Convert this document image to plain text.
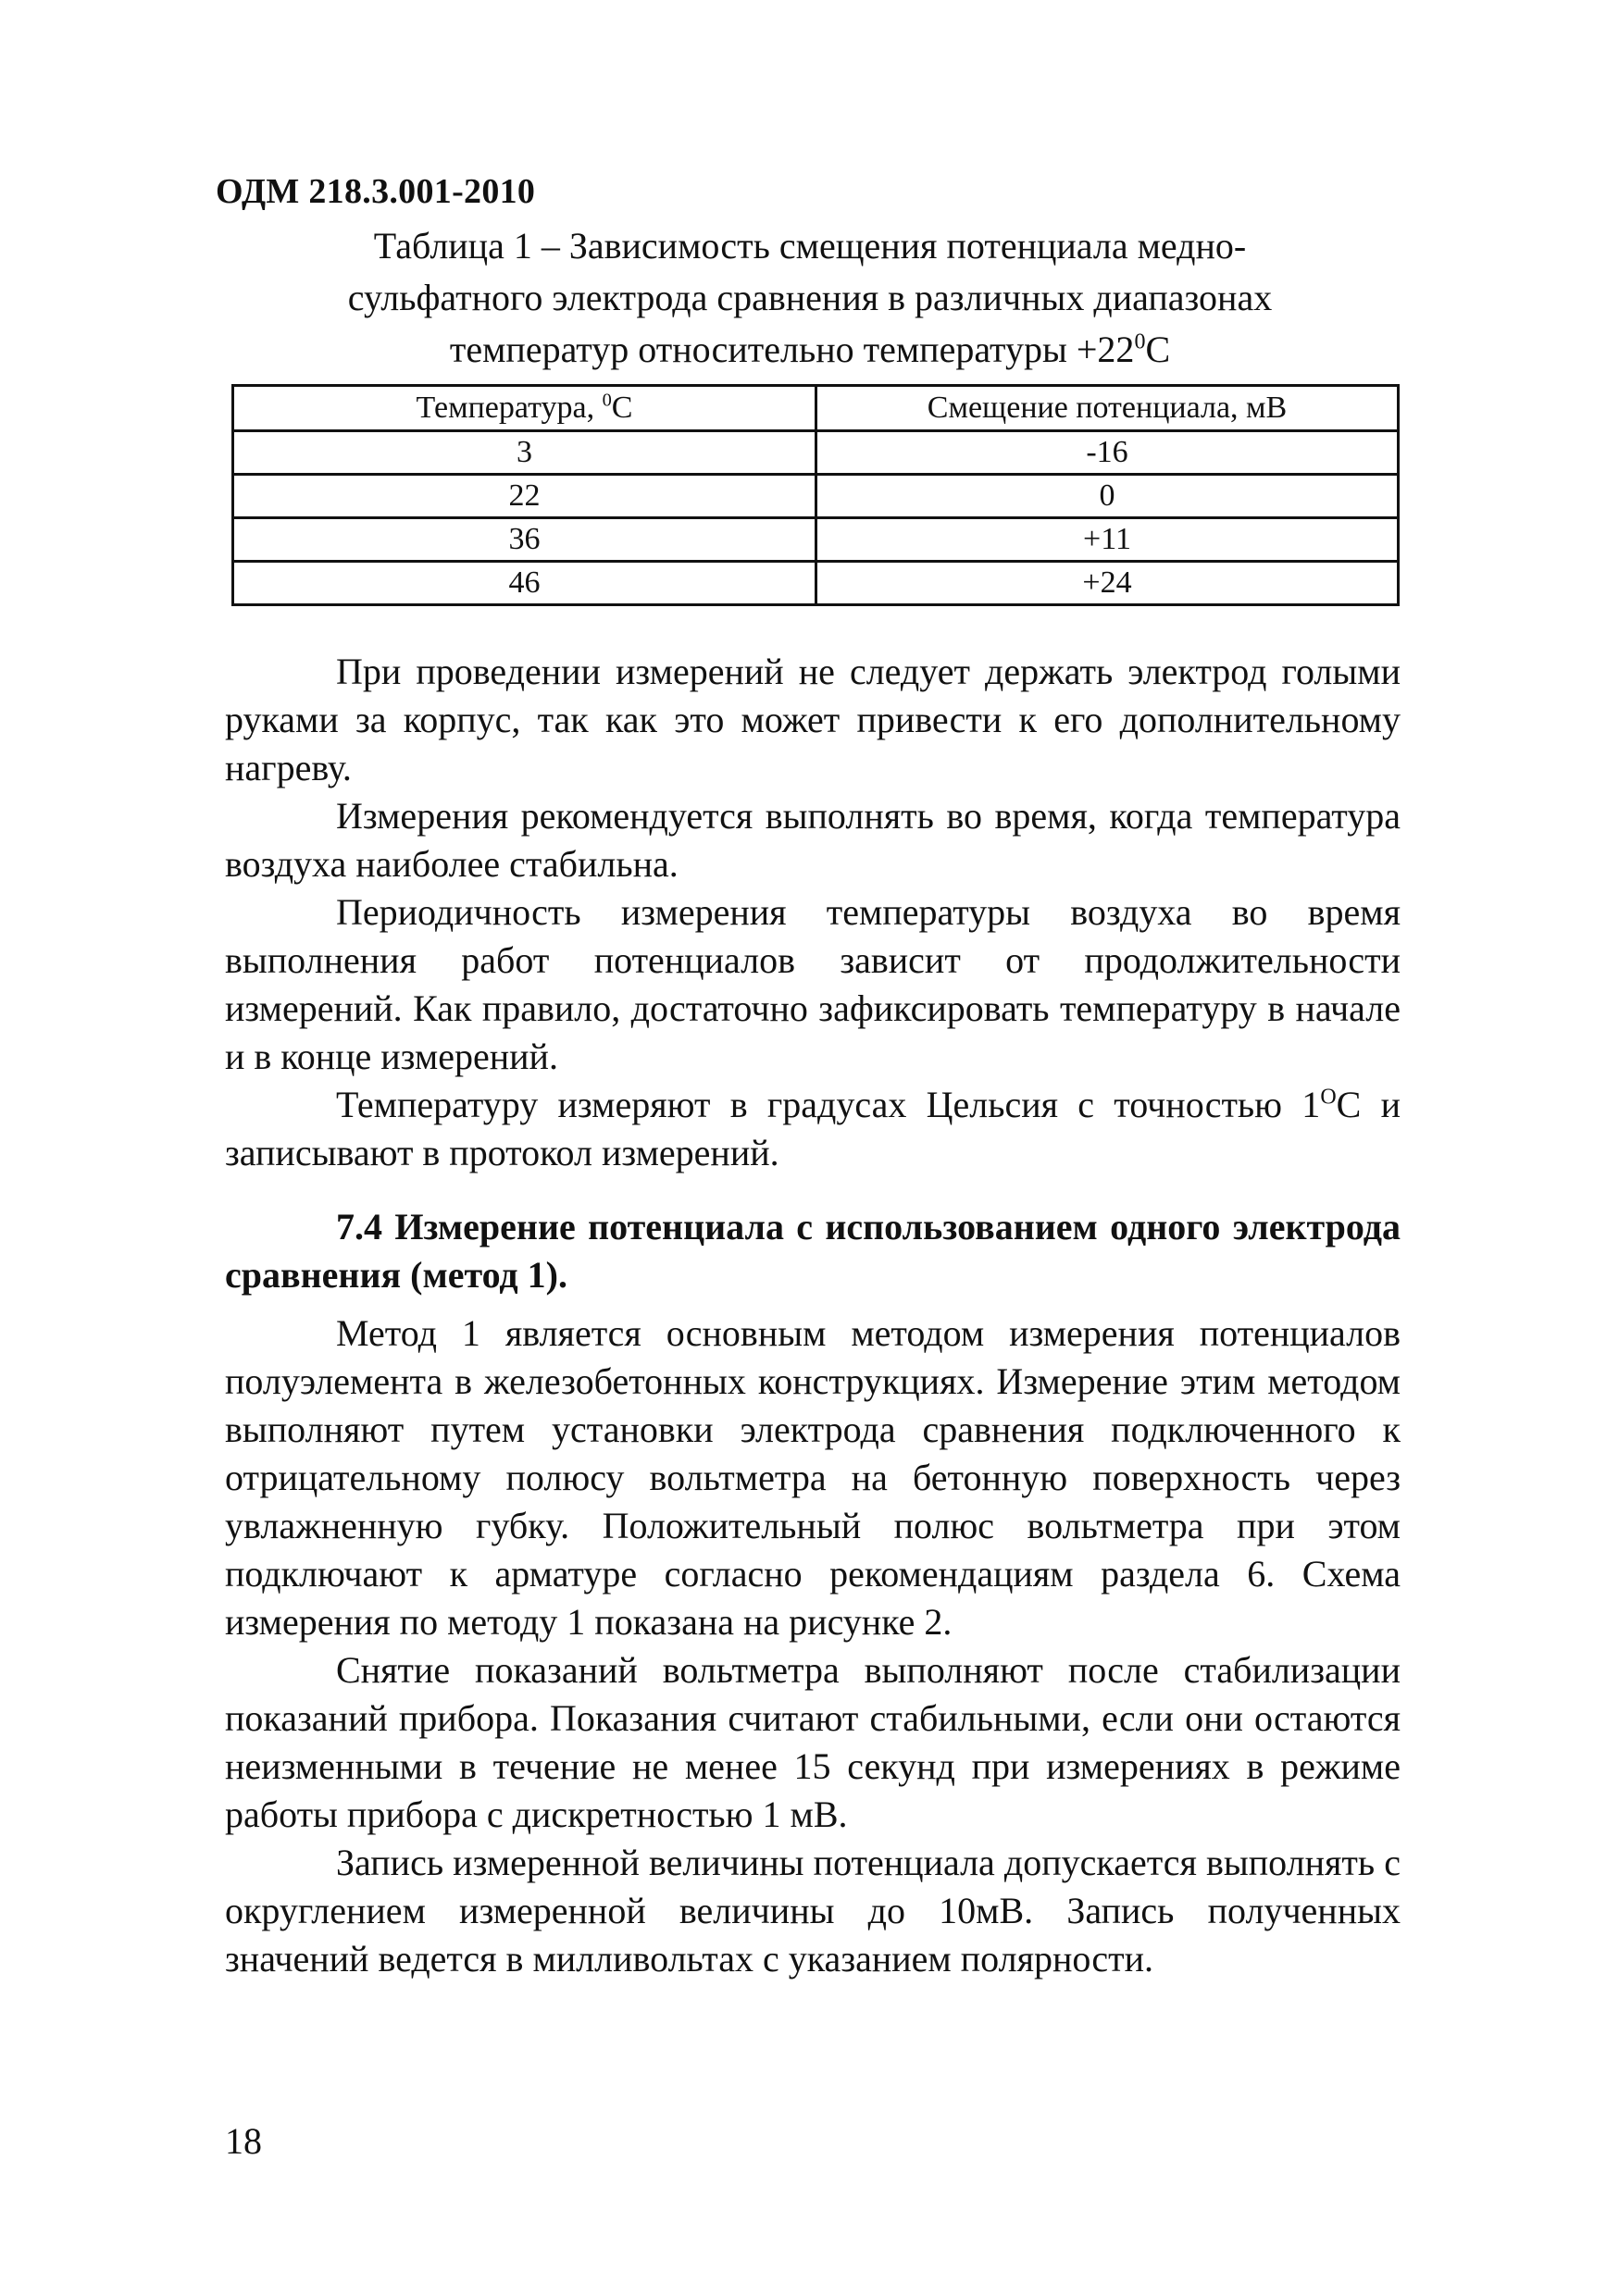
ОДМ 218.3.001-2010
Таблица 1 – Зависимость смещения потенциала медно-
сульфатного электрода сравнения в различных диапазонах
температур относительно температуры $+22^0С$
Температура, $^0$С	Смещение потенциала, мВ
3	-16
22	0
36	+11
46	+24

При проведении измерений не следует держать электрод голыми руками за корпус, так как это может привести к его дополнительному нагреву.

Измерения рекомендуется выполнять во время, когда температура воздуха наиболее стабильна.

Периодичность измерения температуры воздуха во время выполнения работ потенциалов зависит от продолжительности измерений. Как правило, достаточно зафиксировать температуру в начале и в конце измерений.

Температуру измеряют в градусах Цельсия с точностью $1^ОС$ и записывают в протокол измерений.

7.4 Измерение потенциала с использованием одного электрода сравнения (метод 1).

Метод 1 является основным методом измерения потенциалов полуэлемента в железобетонных конструкциях. Измерение этим методом выполняют путем установки электрода сравнения подключенного к отрицательному полюсу вольтметра на бетонную поверхность через увлажненную губку. Положительный полюс вольтметра при этом подключают к арматуре согласно рекомендациям раздела 6. Схема измерения по методу 1 показана на рисунке 2.

Снятие показаний вольтметра выполняют после стабилизации показаний прибора. Показания считают стабильными, если они остаются неизменными в течение не менее 15 секунд при измерениях в режиме работы прибора с дискретностью 1 мВ.

Запись измеренной величины потенциала допускается выполнять с округлением измеренной величины до 10мВ. Запись полученных значений ведется в милливольтах с указанием полярности.

18
